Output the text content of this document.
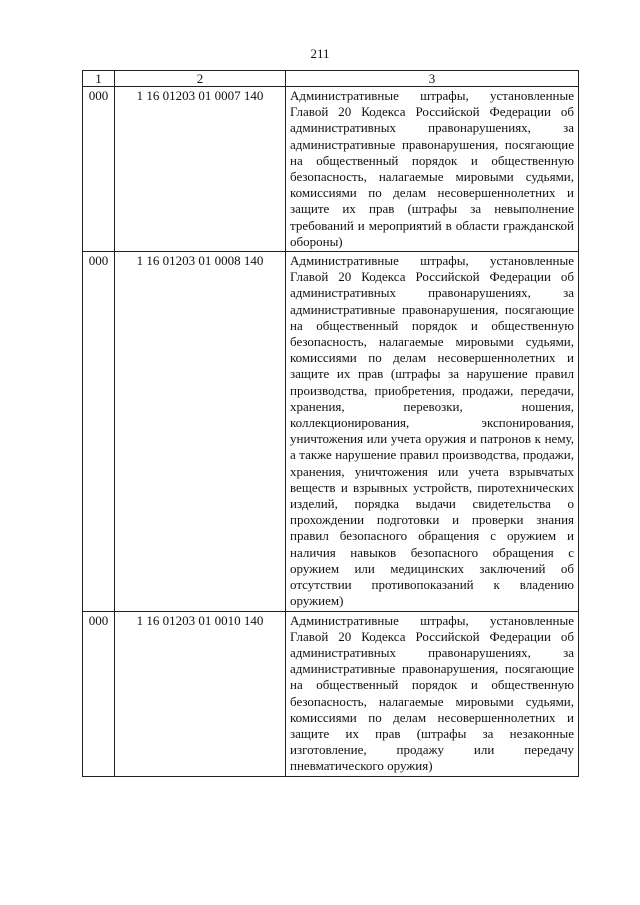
211
1	2	3
000	1 16 01203 01 0007 140	Административные штрафы, установленные Главой 20 Кодекса Российской Федерации об административных правонарушениях, за административные правонарушения, посягающие на общественный порядок и общественную безопасность, налагаемые мировыми судьями, комиссиями по делам несовершеннолетних и защите их прав (штрафы за невыполнение требований и мероприятий в области гражданской обороны)
000	1 16 01203 01 0008 140	Административные штрафы, установленные Главой 20 Кодекса Российской Федерации об административных правонарушениях, за административные правонарушения, посягающие на общественный порядок и общественную безопасность, налагаемые мировыми судьями, комиссиями по делам несовершеннолетних и защите их прав (штрафы за нарушение правил производства, приобретения, продажи, передачи, хранения, перевозки, ношения, коллекционирования, экспонирования, уничтожения или учета оружия и патронов к нему, а также нарушение правил производства, продажи, хранения, уничтожения или учета взрывчатых веществ и взрывных устройств, пиротехнических изделий, порядка выдачи свидетельства о прохождении подготовки и проверки знания правил безопасного обращения с оружием и наличия навыков безопасного обращения с оружием или медицинских заключений об отсутствии противопоказаний к владению оружием)
000	1 16 01203 01 0010 140	Административные штрафы, установленные Главой 20 Кодекса Российской Федерации об административных правонарушениях, за административные правонарушения, посягающие на общественный порядок и общественную безопасность, налагаемые мировыми судьями, комиссиями по делам несовершеннолетних и защите их прав (штрафы за незаконные изготовление, продажу или передачу пневматического оружия)
